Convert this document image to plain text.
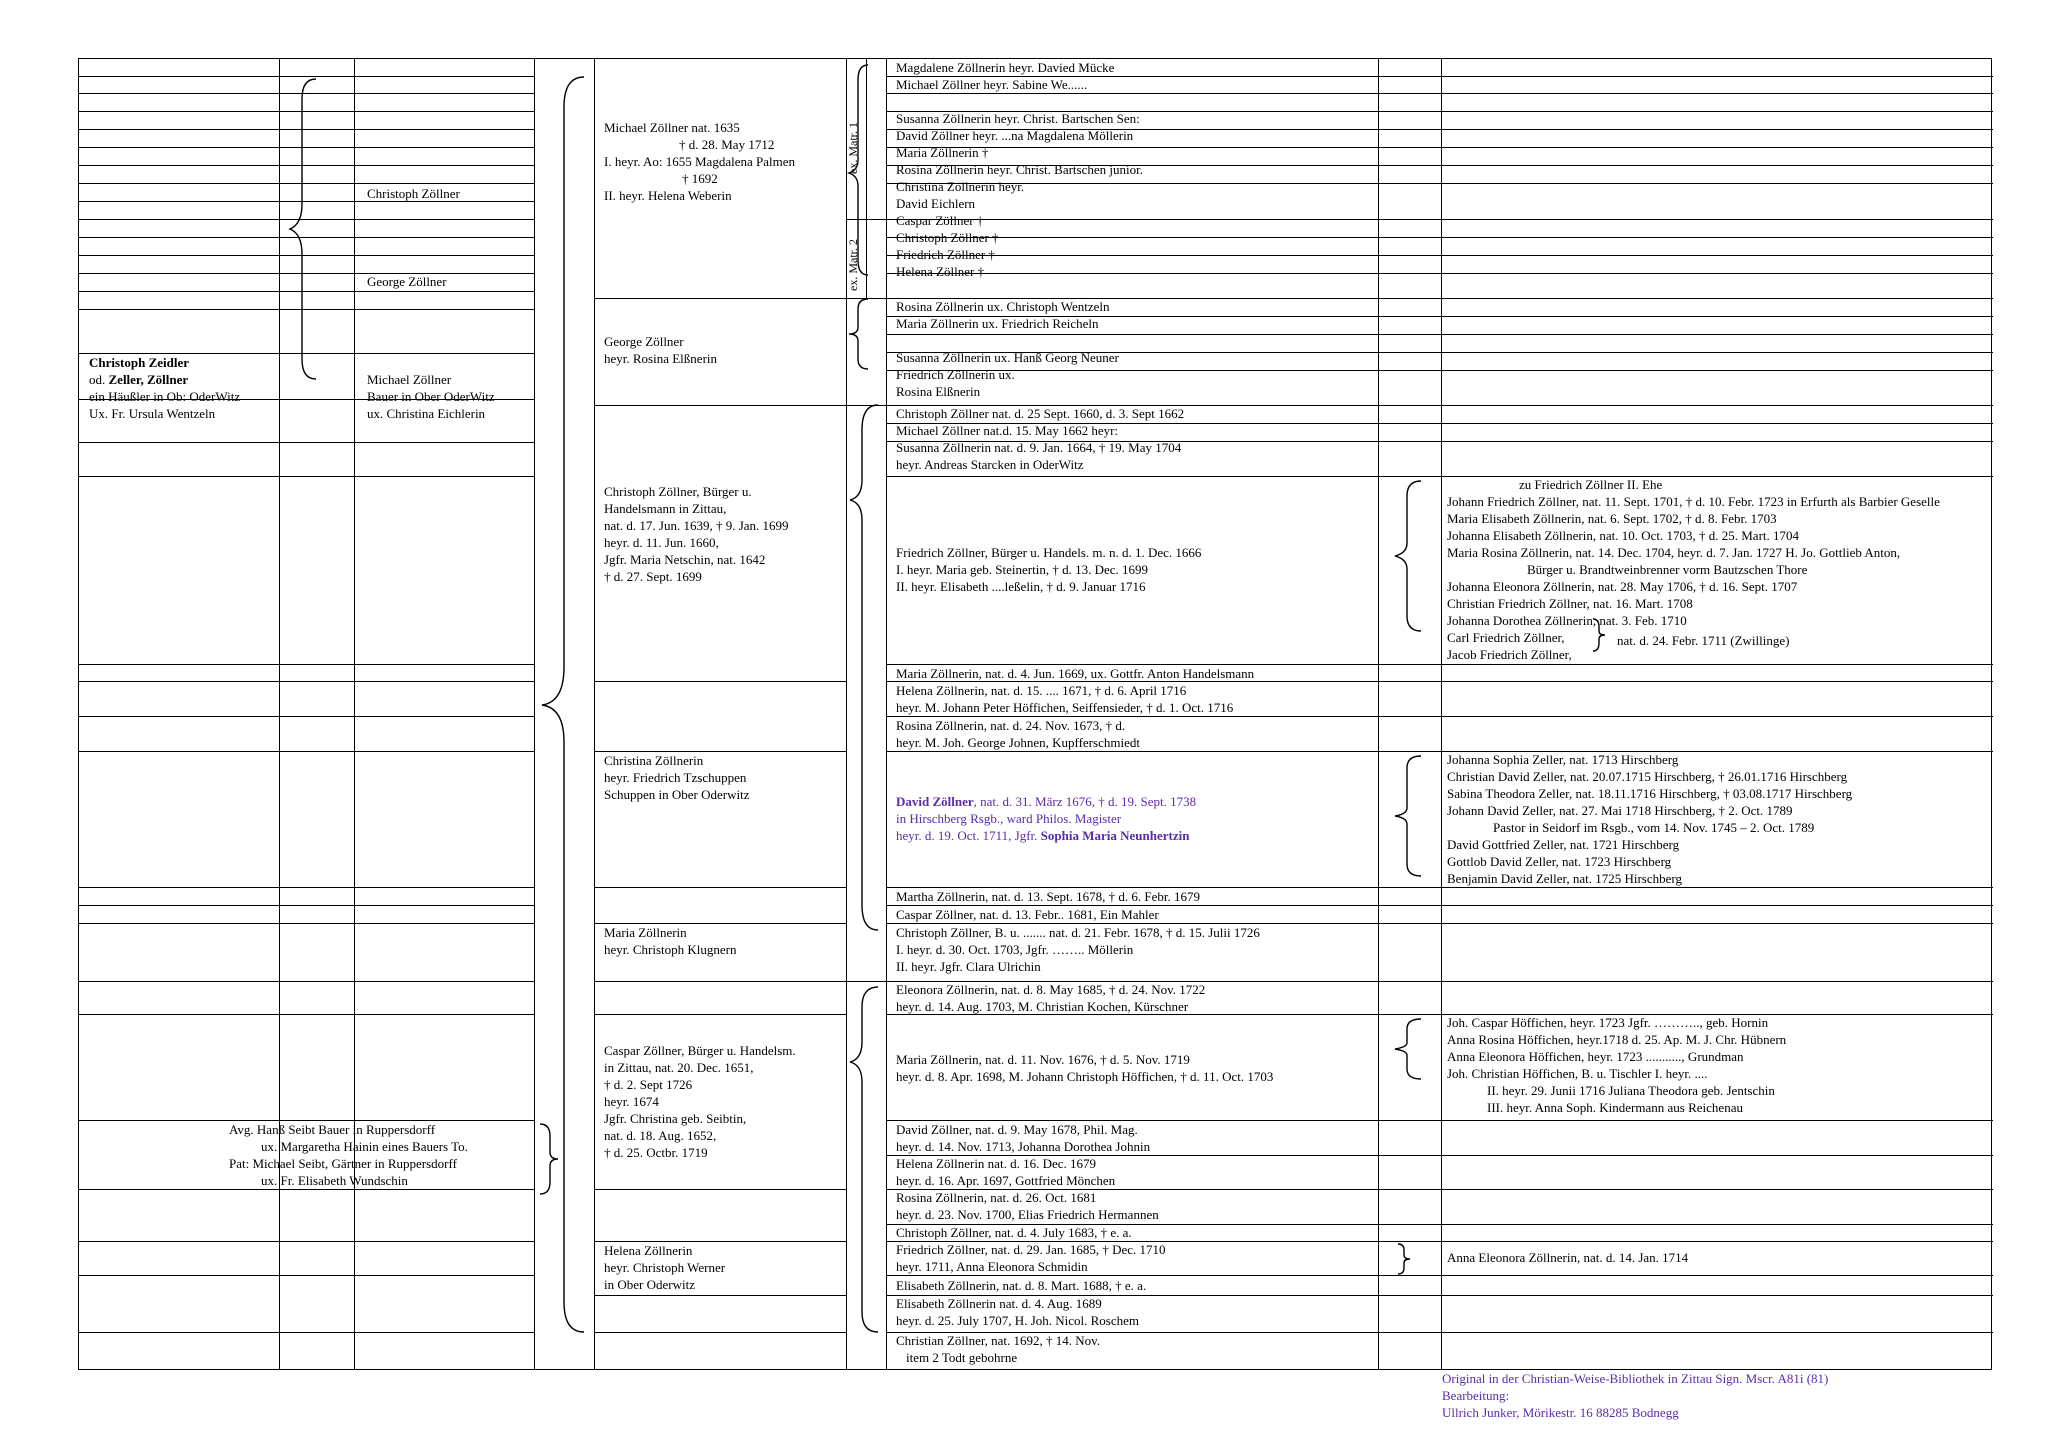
ex. Matr. 1
ex. Matr. 2
Christoph Zeidler
od. Zeller, Zöllner
ein Häußler in Ob: OderWitz
Ux. Fr. Ursula Wentzeln
Avg. Hanß Seibt Bauer in Ruppersdorff
ux. Margaretha Hainin eines Bauers To.
Pat: Michael Seibt, Gärtner in Ruppersdorff
ux. Fr. Elisabeth Wundschin
Christoph Zöllner
George Zöllner
Michael Zöllner
Bauer in Ober OderWitz
ux. Christina Eichlerin
Michael Zöllner nat. 1635
† d. 28. May 1712
I. heyr. Ao: 1655 Magdalena Palmen
† 1692
II. heyr. Helena Weberin
George Zöllner
heyr. Rosina Elßnerin
Christoph Zöllner, Bürger u.
Handelsmann in Zittau,
nat. d. 17. Jun. 1639, † 9. Jan. 1699
heyr. d. 11. Jun. 1660,
Jgfr. Maria Netschin, nat. 1642
† d. 27. Sept. 1699
Christina Zöllnerin
heyr. Friedrich Tzschuppen
Schuppen in Ober Oderwitz
Maria Zöllnerin
heyr. Christoph Klugnern
Caspar Zöllner, Bürger u. Handelsm.
in Zittau, nat. 20. Dec. 1651,
† d. 2. Sept 1726
heyr. 1674
Jgfr. Christina geb. Seibtin,
nat. d. 18. Aug. 1652,
† d. 25. Octbr. 1719
Helena Zöllnerin
heyr. Christoph Werner
in Ober Oderwitz
Magdalene Zöllnerin heyr. Davied Mücke
Michael Zöllner heyr. Sabine We......
Susanna Zöllnerin heyr. Christ. Bartschen Sen:
David Zöllner heyr. ...na Magdalena Möllerin
Maria Zöllnerin †
Rosina Zöllnerin heyr. Christ. Bartschen junior.
Christina Zöllnerin heyr.
David Eichlern
Caspar Zöllner †
Christoph Zöllner †
Friedrich Zöllner †
Helena Zöllner †
Rosina Zöllnerin ux. Christoph Wentzeln
Maria Zöllnerin ux. Friedrich Reicheln
Susanna Zöllnerin ux. Hanß Georg Neuner
Friedrich Zöllnerin ux.
Rosina Elßnerin
Christoph Zöllner nat. d. 25 Sept. 1660, d. 3. Sept 1662
Michael Zöllner nat.d. 15. May 1662 heyr:
Susanna Zöllnerin nat. d. 9. Jan. 1664, † 19. May 1704
heyr. Andreas Starcken in OderWitz
Friedrich Zöllner, Bürger u. Handels. m. n. d. 1. Dec. 1666
I. heyr. Maria geb. Steinertin, † d. 13. Dec. 1699
II. heyr. Elisabeth ....leßelin, † d. 9. Januar 1716
Maria Zöllnerin, nat. d. 4. Jun. 1669, ux. Gottfr. Anton Handelsmann
Helena Zöllnerin, nat. d. 15. .... 1671, † d. 6. April 1716
heyr. M. Johann Peter Höffichen, Seiffensieder, † d. 1. Oct. 1716
Rosina Zöllnerin, nat. d. 24. Nov. 1673, † d.
heyr. M. Joh. George Johnen, Kupfferschmiedt
David Zöllner, nat. d. 31. März 1676, † d. 19. Sept. 1738
in Hirschberg Rsgb., ward Philos. Magister
heyr. d. 19. Oct. 1711, Jgfr. Sophia Maria Neunhertzin
Martha Zöllnerin, nat. d. 13. Sept. 1678, † d. 6. Febr. 1679
Caspar Zöllner, nat. d. 13. Febr.. 1681, Ein Mahler
Christoph Zöllner, B. u. ....... nat. d. 21. Febr. 1678, † d. 15. Julii 1726
I. heyr. d. 30. Oct. 1703, Jgfr. …….. Möllerin
II. heyr. Jgfr. Clara Ulrichin
Eleonora Zöllnerin, nat. d. 8. May 1685, † d. 24. Nov. 1722
heyr. d. 14. Aug. 1703, M. Christian Kochen, Kürschner
Maria Zöllnerin, nat. d. 11. Nov. 1676, † d. 5. Nov. 1719
heyr. d. 8. Apr. 1698, M. Johann Christoph Höffichen, † d. 11. Oct. 1703
David Zöllner, nat. d. 9. May 1678, Phil. Mag.
heyr. d. 14. Nov. 1713, Johanna Dorothea Johnin
Helena Zöllnerin nat. d. 16. Dec. 1679
heyr. d. 16. Apr. 1697, Gottfried Mönchen
Rosina Zöllnerin, nat. d. 26. Oct. 1681
heyr. d. 23. Nov. 1700, Elias Friedrich Hermannen
Christoph Zöllner, nat. d. 4. July 1683, † e. a.
Friedrich Zöllner, nat. d. 29. Jan. 1685, † Dec. 1710
heyr. 1711, Anna Eleonora Schmidin
Elisabeth Zöllnerin, nat. d. 8. Mart. 1688, † e. a.
Elisabeth Zöllnerin nat. d. 4. Aug. 1689
heyr. d. 25. July 1707, H. Joh. Nicol. Roschem
Christian Zöllner, nat. 1692, † 14. Nov.
item 2 Todt gebohrne
zu Friedrich Zöllner II. Ehe
Johann Friedrich Zöllner, nat. 11. Sept. 1701, † d. 10. Febr. 1723 in Erfurth als Barbier Geselle
Maria Elisabeth Zöllnerin, nat. 6. Sept. 1702, † d. 8. Febr. 1703
Johanna Elisabeth Zöllnerin, nat. 10. Oct. 1703, † d. 25. Mart. 1704
Maria Rosina Zöllnerin, nat. 14. Dec. 1704, heyr. d. 7. Jan. 1727 H. Jo. Gottlieb Anton,
Bürger u. Brandtweinbrenner vorm Bautzschen Thore
Johanna Eleonora Zöllnerin, nat. 28. May 1706, † d. 16. Sept. 1707
Christian Friedrich Zöllner, nat. 16. Mart. 1708
Johanna Dorothea Zöllnerin, nat. 3. Feb. 1710
Carl Friedrich Zöllner,
Jacob Friedrich Zöllner,
nat. d. 24. Febr. 1711 (Zwillinge)
Johanna Sophia Zeller, nat. 1713 Hirschberg
Christian David Zeller, nat. 20.07.1715 Hirschberg, † 26.01.1716 Hirschberg
Sabina Theodora Zeller, nat. 18.11.1716 Hirschberg, † 03.08.1717 Hirschberg
Johann David Zeller, nat. 27. Mai 1718 Hirschberg, † 2. Oct. 1789
Pastor in Seidorf im Rsgb., vom 14. Nov. 1745 – 2. Oct. 1789
David Gottfried Zeller, nat. 1721 Hirschberg
Gottlob David Zeller, nat. 1723 Hirschberg
Benjamin David Zeller, nat. 1725 Hirschberg
Joh. Caspar Höffichen, heyr. 1723 Jgfr. ……….., geb. Hornin
Anna Rosina Höffichen, heyr.1718 d. 25. Ap. M. J. Chr. Hübnern
Anna Eleonora Höffichen, heyr. 1723 ..........., Grundman
Joh. Christian Höffichen, B. u. Tischler I. heyr. ....
II. heyr. 29. Junii 1716 Juliana Theodora geb. Jentschin
III. heyr. Anna Soph. Kindermann aus Reichenau
Anna Eleonora Zöllnerin, nat. d. 14. Jan. 1714
Original in der Christian-Weise-Bibliothek in Zittau Sign. Mscr. A81i (81)
Bearbeitung:
Ullrich Junker, Mörikestr. 16 88285 Bodnegg
